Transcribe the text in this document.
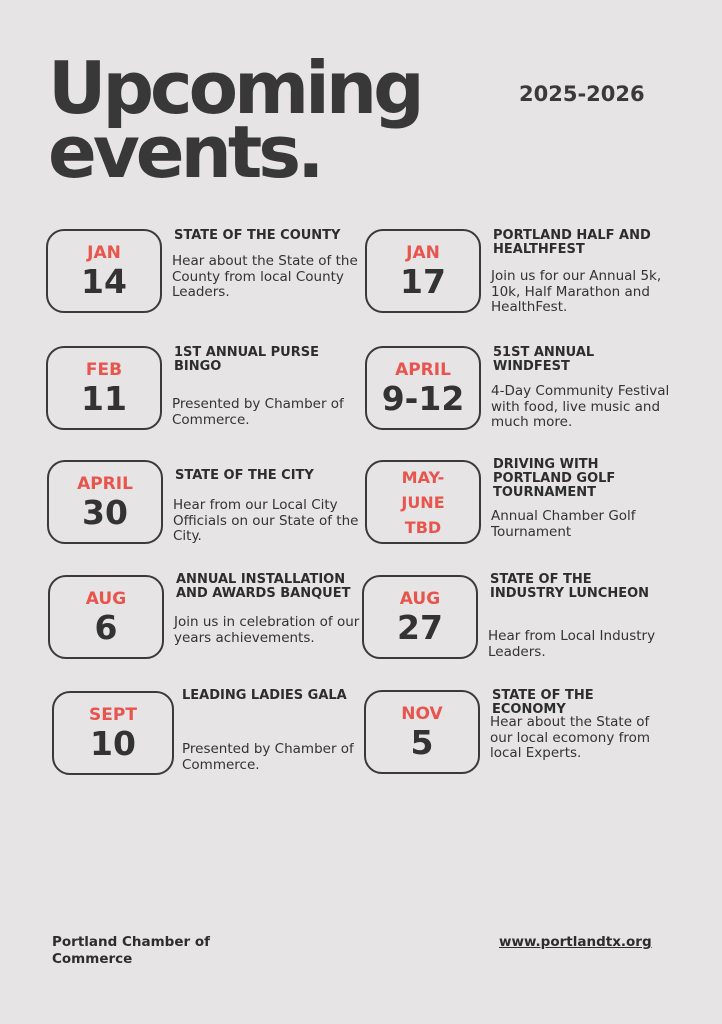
Upcoming
events.
2025-2026
JAN
14
STATE OF THE COUNTY
Hear about the State of the County from local County Leaders.
JAN
17
PORTLAND HALF AND HEALTHFEST
Join us for our Annual 5k, 10k, Half Marathon and HealthFest.
FEB
11
1ST ANNUAL PURSE BINGO
Presented by Chamber of Commerce.
APRIL
9-12
51ST ANNUAL WINDFEST
4-Day Community Festival with food, live music and much more.
APRIL
30
STATE OF THE CITY
Hear from our Local City Officials on our State of the City.
MAY-
JUNE
TBD
DRIVING WITH PORTLAND GOLF TOURNAMENT
Annual Chamber Golf Tournament
AUG
6
ANNUAL INSTALLATION AND AWARDS BANQUET
Join us in celebration of our years achievements.
AUG
27
STATE OF THE INDUSTRY LUNCHEON
Hear from Local Industry Leaders.
SEPT
10
LEADING LADIES GALA
Presented by Chamber of Commerce.
NOV
5
STATE OF THE ECONOMY
Hear about the State of our local ecomony from local Experts.
Portland Chamber of Commerce
www.portlandtx.org
